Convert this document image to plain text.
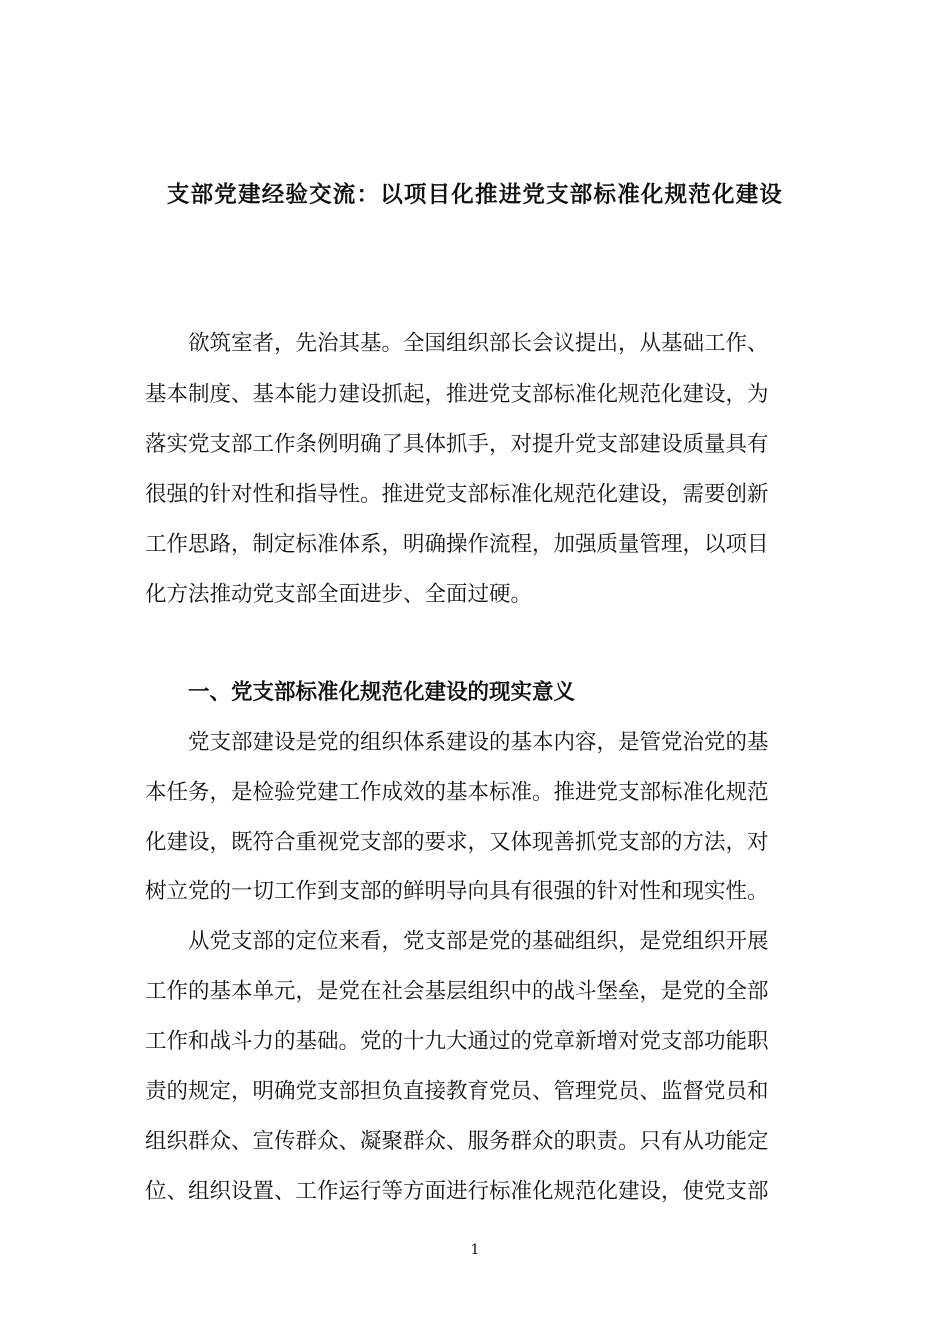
支部党建经验交流：以项目化推进党支部标准化规范化建设
欲筑室者，先治其基。全国组织部长会议提出，从基础工作、
基本制度、基本能力建设抓起，推进党支部标准化规范化建设，为
落实党支部工作条例明确了具体抓手，对提升党支部建设质量具有
很强的针对性和指导性。推进党支部标准化规范化建设，需要创新
工作思路，制定标准体系，明确操作流程，加强质量管理，以项目
化方法推动党支部全面进步、全面过硬。
一、党支部标准化规范化建设的现实意义
党支部建设是党的组织体系建设的基本内容，是管党治党的基
本任务，是检验党建工作成效的基本标准。推进党支部标准化规范
化建设，既符合重视党支部的要求，又体现善抓党支部的方法，对
树立党的一切工作到支部的鲜明导向具有很强的针对性和现实性。
从党支部的定位来看，党支部是党的基础组织，是党组织开展
工作的基本单元，是党在社会基层组织中的战斗堡垒，是党的全部
工作和战斗力的基础。党的十九大通过的党章新增对党支部功能职
责的规定，明确党支部担负直接教育党员、管理党员、监督党员和
组织群众、宣传群众、凝聚群众、服务群众的职责。只有从功能定
位、组织设置、工作运行等方面进行标准化规范化建设，使党支部
1
